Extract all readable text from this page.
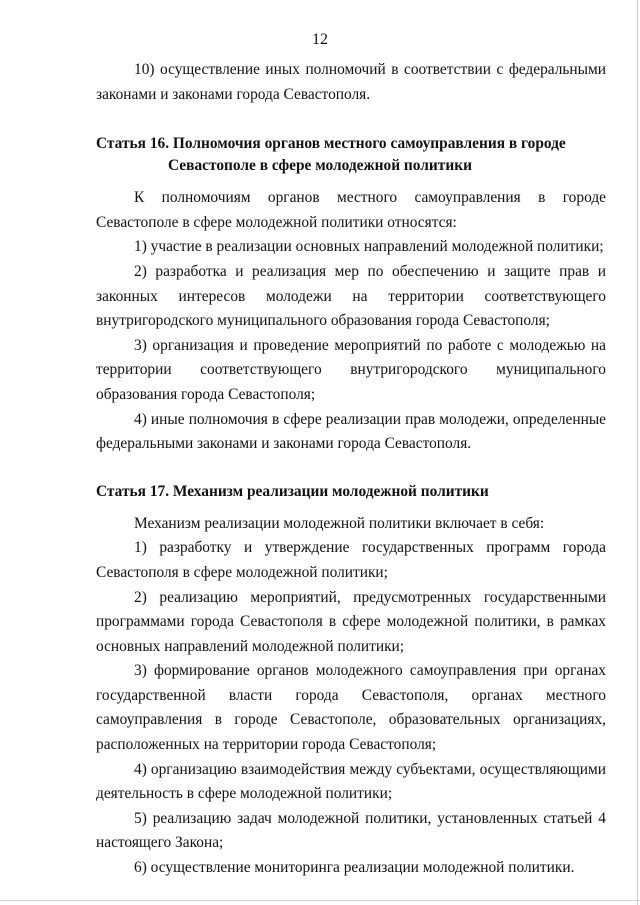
12

10) осуществление иных полномочий в соответствии с федеральными законами и законами города Севастополя.

Статья 16. Полномочия органов местного самоуправления в городе
Севастополе в сфере молодежной политики

К полномочиям органов местного самоуправления в городе Севастополе в сфере молодежной политики относятся:

1) участие в реализации основных направлений молодежной политики;

2) разработка и реализация мер по обеспечению и защите прав и законных интересов молодежи на территории соответствующего внутригородского муниципального образования города Севастополя;

3) организация и проведение мероприятий по работе с молодежью на территории соответствующего внутригородского муниципального образования города Севастополя;

4) иные полномочия в сфере реализации прав молодежи, определенные федеральными законами и законами города Севастополя.

Статья 17. Механизм реализации молодежной политики

Механизм реализации молодежной политики включает в себя:

1) разработку и утверждение государственных программ города Севастополя в сфере молодежной политики;

2) реализацию мероприятий, предусмотренных государственными программами города Севастополя в сфере молодежной политики, в рамках основных направлений молодежной политики;

3) формирование органов молодежного самоуправления при органах государственной власти города Севастополя, органах местного самоуправления в городе Севастополе, образовательных организациях, расположенных на территории города Севастополя;

4) организацию взаимодействия между субъектами, осуществляющими деятельность в сфере молодежной политики;

5) реализацию задач молодежной политики, установленных статьей 4 настоящего Закона;

6) осуществление мониторинга реализации молодежной политики.
